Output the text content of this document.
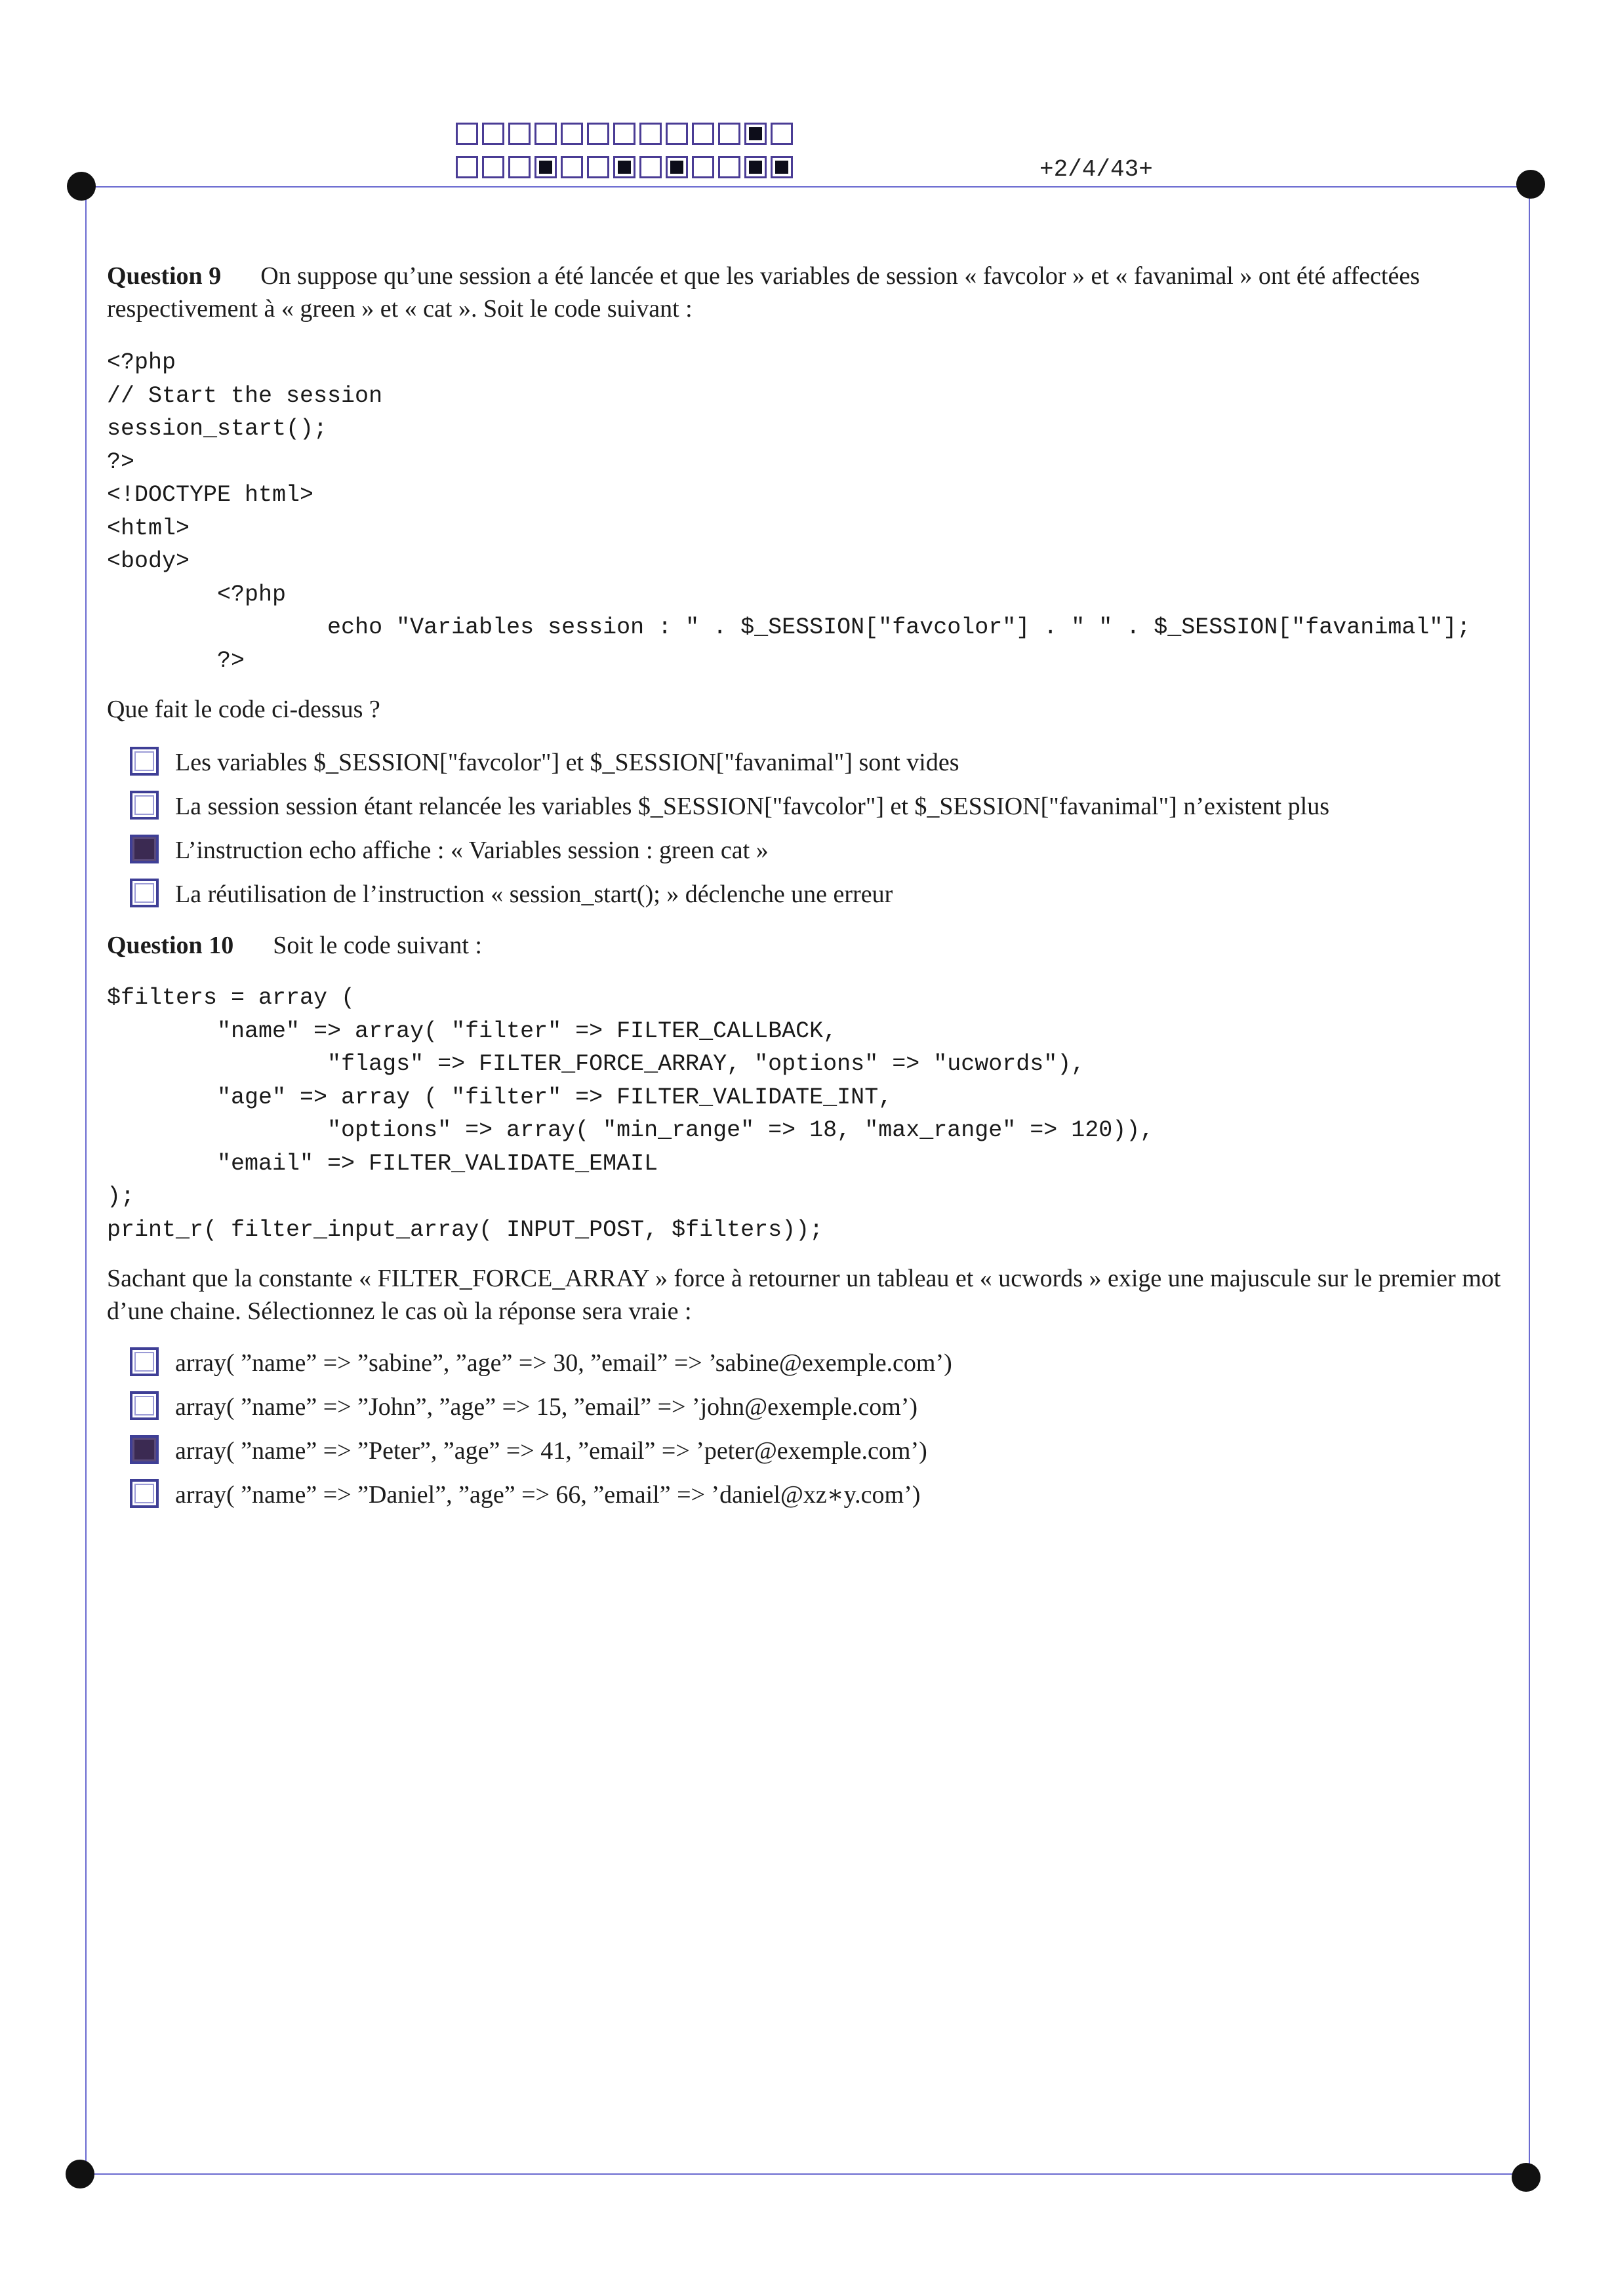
+2/4/43+

Question 9 On suppose qu’une session a été lancée et que les variables de session « favcolor » et « favanimal » ont été affectées respectivement à « green » et « cat ». Soit le code suivant :

<?php
// Start the session
session_start();
?>
<!DOCTYPE html>
<html>
<body>
<?php
echo "Variables session : " . $_SESSION["favcolor"] . " " . $_SESSION["favanimal"];
?>

Que fait le code ci-dessus ?

Les variables $_SESSION["favcolor"] et $_SESSION["favanimal"] sont vides
La session session étant relancée les variables $_SESSION["favcolor"] et $_SESSION["favanimal"] n’existent plus
L’instruction echo affiche : « Variables session : green cat »
La réutilisation de l’instruction « session_start(); » déclenche une erreur

Question 10 Soit le code suivant :

$filters = array (
"name" => array( "filter" => FILTER_CALLBACK,
"flags" => FILTER_FORCE_ARRAY, "options" => "ucwords"),
"age" => array ( "filter" => FILTER_VALIDATE_INT,
"options" => array( "min_range" => 18, "max_range" => 120)),
"email" => FILTER_VALIDATE_EMAIL
);
print_r( filter_input_array( INPUT_POST, $filters));

Sachant que la constante « FILTER_FORCE_ARRAY » force à retourner un tableau et « ucwords » exige une majuscule sur le premier mot d’une chaine. Sélectionnez le cas où la réponse sera vraie :

array( ”name” => ”sabine”, ”age” => 30, ”email” => ’sabine@exemple.com’)
array( ”name” => ”John”, ”age” => 15, ”email” => ’john@exemple.com’)
array( ”name” => ”Peter”, ”age” => 41, ”email” => ’peter@exemple.com’)
array( ”name” => ”Daniel”, ”age” => 66, ”email” => ’daniel@xz∗y.com’)
